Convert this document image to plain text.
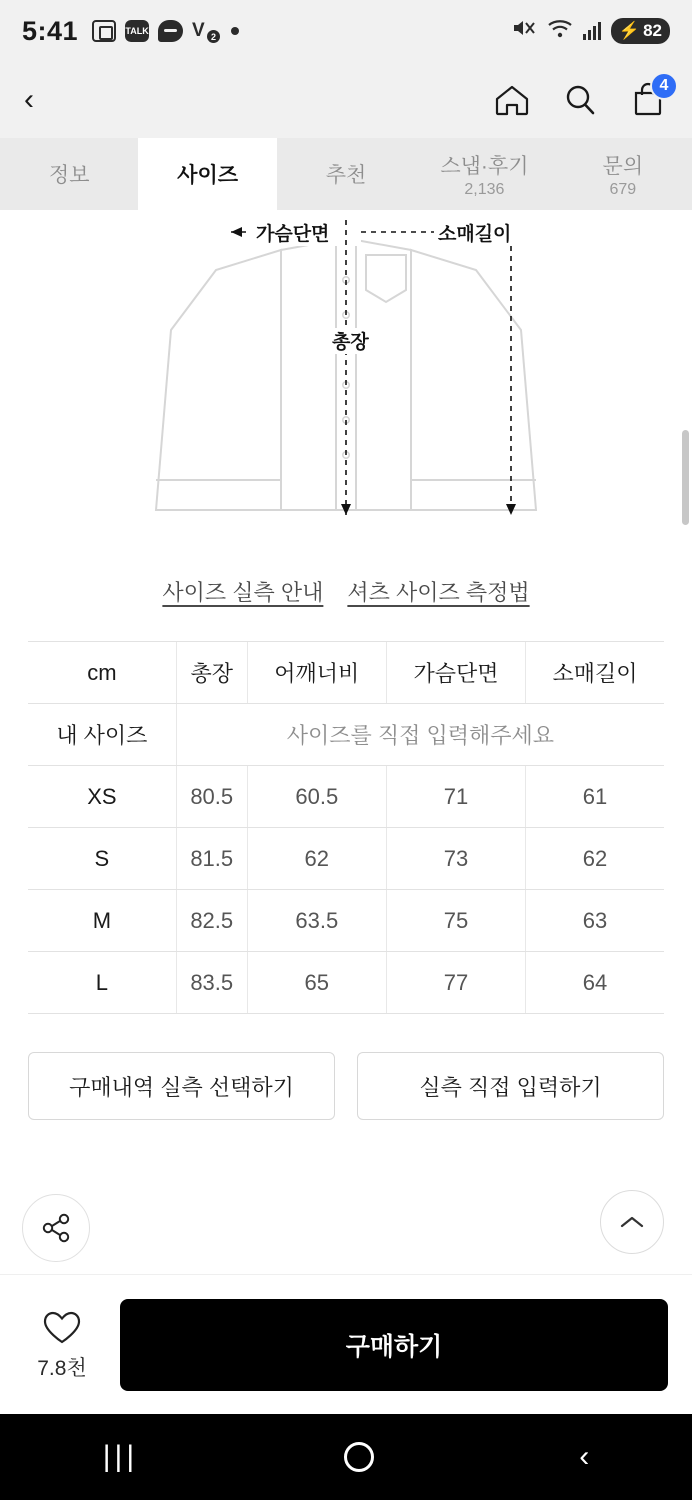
5:41	TALK V 2	⚡ 82
‹	4
정보	사이즈	추천	스냅·후기
2,136
문의
679
가슴단면
총장
소매길이
사이즈 실측 안내 셔츠 사이즈 측정법
cm	총장	어깨너비	가슴단면	소매길이
내 사이즈	사이즈를 직접 입력해주세요			
XS	80.5	60.5	71	61
S	81.5	62	73	62
M	82.5	63.5	75	63
L	83.5	65	77	64
구매내역 실측 선택하기	실측 직접 입력하기
7.8천
구매하기
|||	‹
